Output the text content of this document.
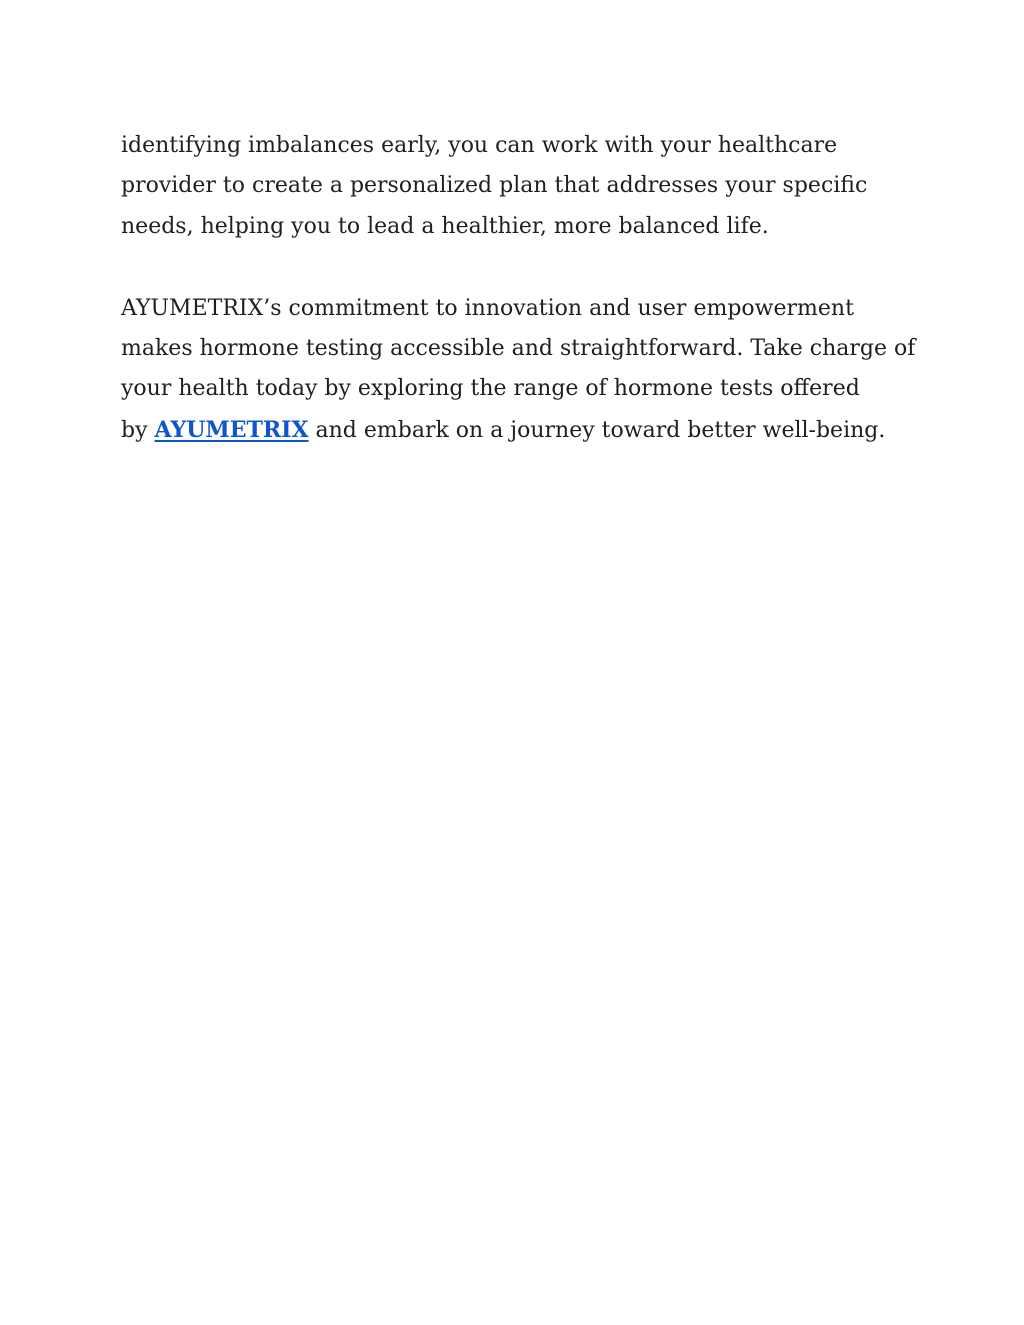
identifying imbalances early, you can work with your healthcare
provider to create a personalized plan that addresses your specific
needs, helping you to lead a healthier, more balanced life.

AYUMETRIX’s commitment to innovation and user empowerment
makes hormone testing accessible and straightforward. Take charge of
your health today by exploring the range of hormone tests offered
by AYUMETRIX and embark on a journey toward better well-being.
